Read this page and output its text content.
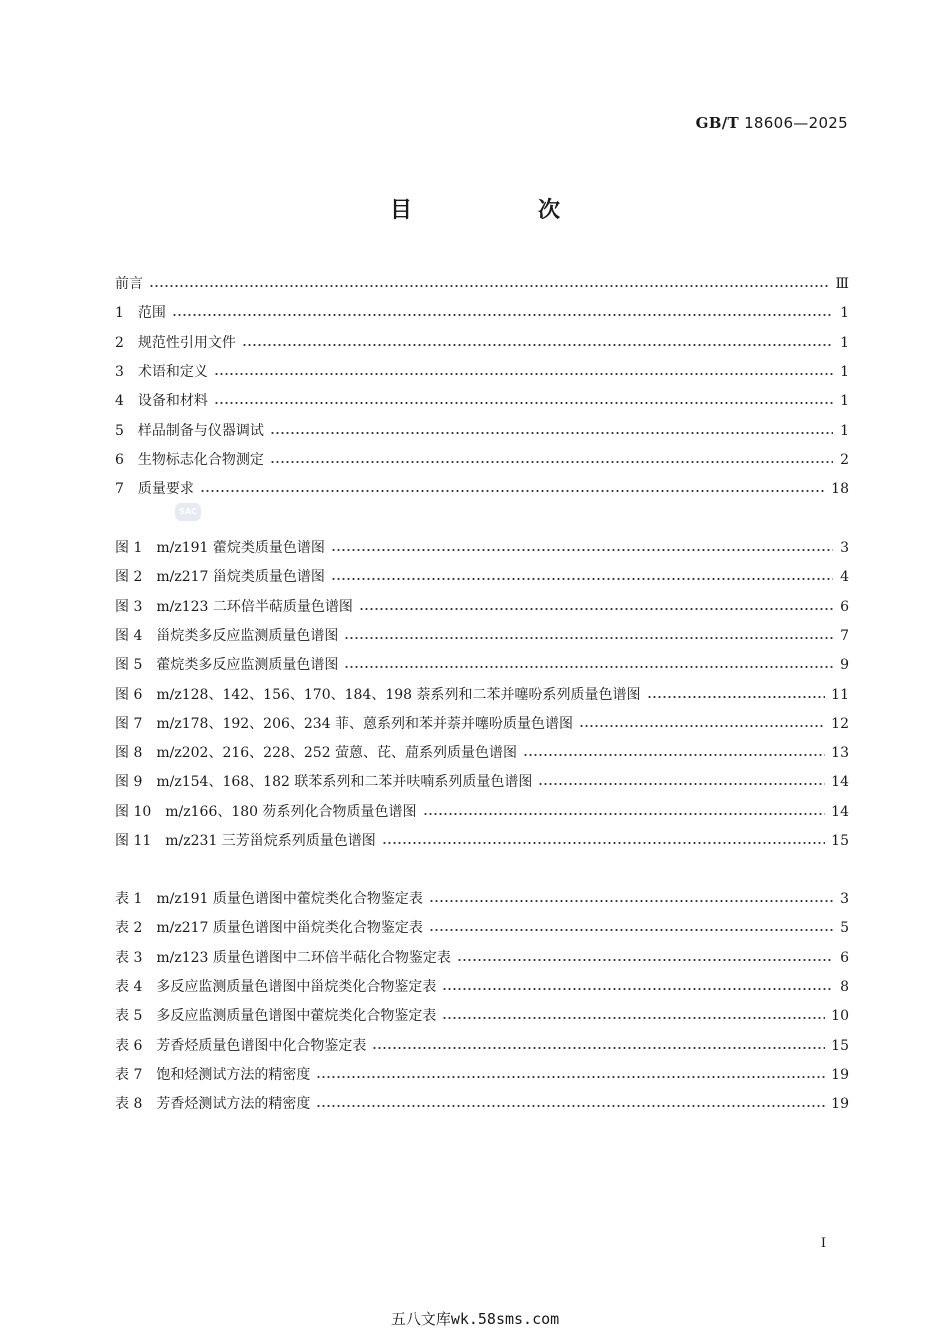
GB/T 18606—2025
目　次
SAC
前言	Ⅲ
1　范围	1
2　规范性引用文件	1
3　术语和定义	1
4　设备和材料	1
5　样品制备与仪器调试	1
6　生物标志化合物测定	2
7　质量要求	18
图 1　m/z191 藿烷类质量色谱图	3
图 2　m/z217 甾烷类质量色谱图	4
图 3　m/z123 二环倍半萜质量色谱图	6
图 4　甾烷类多反应监测质量色谱图	7
图 5　藿烷类多反应监测质量色谱图	9
图 6　m/z128、142、156、170、184、198 萘系列和二苯并噻吩系列质量色谱图	11
图 7　m/z178、192、206、234 菲、蒽系列和苯并萘并噻吩质量色谱图	12
图 8　m/z202、216、228、252 萤蒽、芘、䓛系列质量色谱图	13
图 9　m/z154、168、182 联苯系列和二苯并呋喃系列质量色谱图	14
图 10　m/z166、180 芴系列化合物质量色谱图	14
图 11　m/z231 三芳甾烷系列质量色谱图	15
表 1　m/z191 质量色谱图中藿烷类化合物鉴定表	3
表 2　m/z217 质量色谱图中甾烷类化合物鉴定表	5
表 3　m/z123 质量色谱图中二环倍半萜化合物鉴定表	6
表 4　多反应监测质量色谱图中甾烷类化合物鉴定表	8
表 5　多反应监测质量色谱图中藿烷类化合物鉴定表	10
表 6　芳香烃质量色谱图中化合物鉴定表	15
表 7　饱和烃测试方法的精密度	19
表 8　芳香烃测试方法的精密度	19
Ⅰ
五八文库wk.58sms.com
